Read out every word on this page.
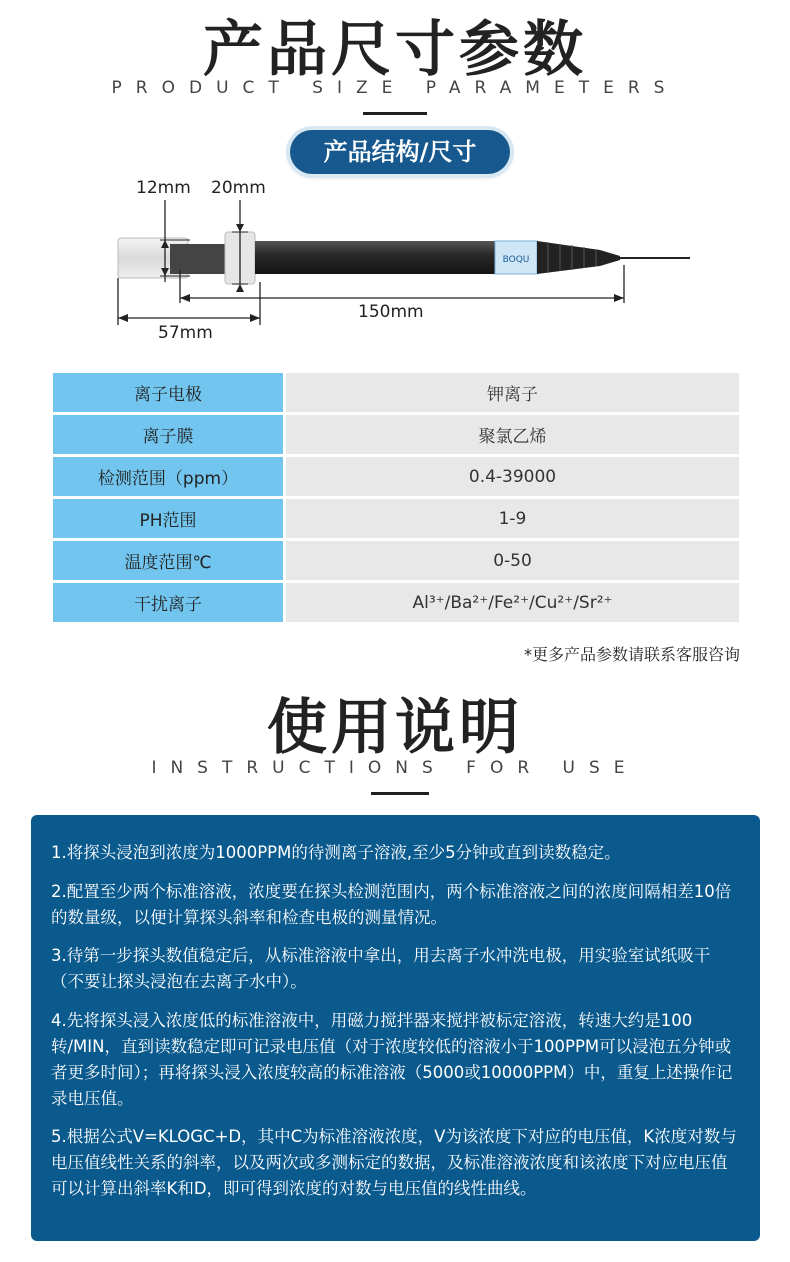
产品尺寸参数
PRODUCT SIZE PARAMETERS
产品结构/尺寸
BOQU
12mm 20mm
150mm
57mm
离子电极	钾离子
离子膜	聚氯乙烯
检测范围（ppm）	0.4-39000
PH范围	1-9
温度范围℃	0-50
干扰离子	Al³⁺/Ba²⁺/Fe²⁺/Cu²⁺/Sr²⁺
*更多产品参数请联系客服咨询
使用说明
INSTRUCTIONS FOR USE

1.将探头浸泡到浓度为1000PPM的待测离子溶液,至少5分钟或直到读数稳定。

2.配置至少两个标准溶液，浓度要在探头检测范围内，两个标准溶液之间的浓度间隔相差10倍的数量级，以便计算探头斜率和检查电极的测量情况。

3.待第一步探头数值稳定后，从标准溶液中拿出，用去离子水冲洗电极，用实验室试纸吸干（不要让探头浸泡在去离子水中）。

4.先将探头浸入浓度低的标准溶液中，用磁力搅拌器来搅拌被标定溶液，转速大约是100转/MIN，直到读数稳定即可记录电压值（对于浓度较低的溶液小于100PPM可以浸泡五分钟或者更多时间）；再将探头浸入浓度较高的标准溶液（5000或10000PPM）中，重复上述操作记录电压值。

5.根据公式V=KLOGC+D，其中C为标准溶液浓度，V为该浓度下对应的电压值，K浓度对数与电压值线性关系的斜率，以及两次或多测标定的数据，及标准溶液浓度和该浓度下对应电压值可以计算出斜率K和D，即可得到浓度的对数与电压值的线性曲线。
